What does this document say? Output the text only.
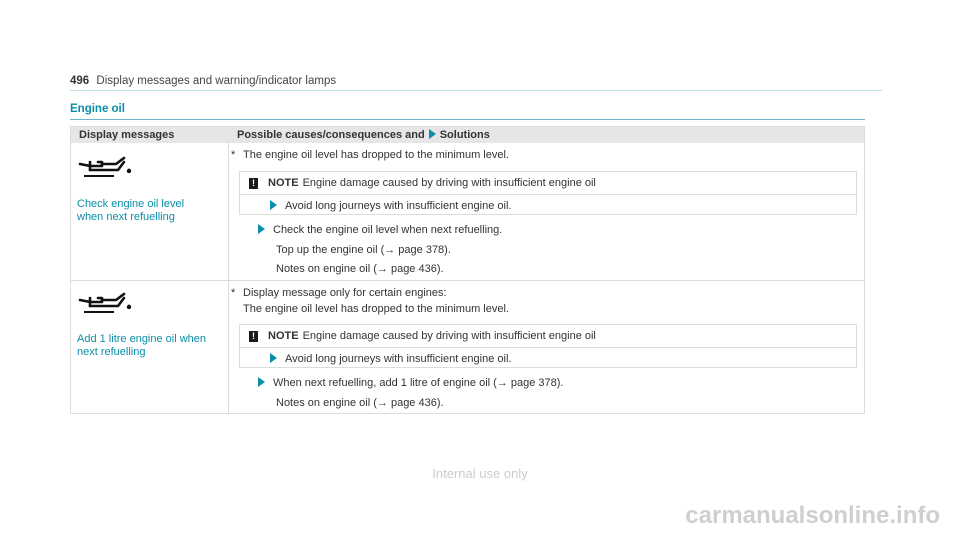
496 Display messages and warning/indicator lamps
Engine oil
Display messages	Possible causes/consequences and Solutions
Check engine oil level
when next refuelling
* The engine oil level has dropped to the minimum level.
! NOTE Engine damage caused by driving with insufficient engine oil
Avoid long journeys with insufficient engine oil.
Check the engine oil level when next refuelling.
Top up the engine oil (→ page 378).
Notes on engine oil (→ page 436).
Add 1 litre engine oil when
next refuelling
* Display message only for certain engines:
The engine oil level has dropped to the minimum level.
! NOTE Engine damage caused by driving with insufficient engine oil
Avoid long journeys with insufficient engine oil.
When next refuelling, add 1 litre of engine oil (→ page 378).
Notes on engine oil (→ page 436).
Internal use only
carmanualsonline.info
